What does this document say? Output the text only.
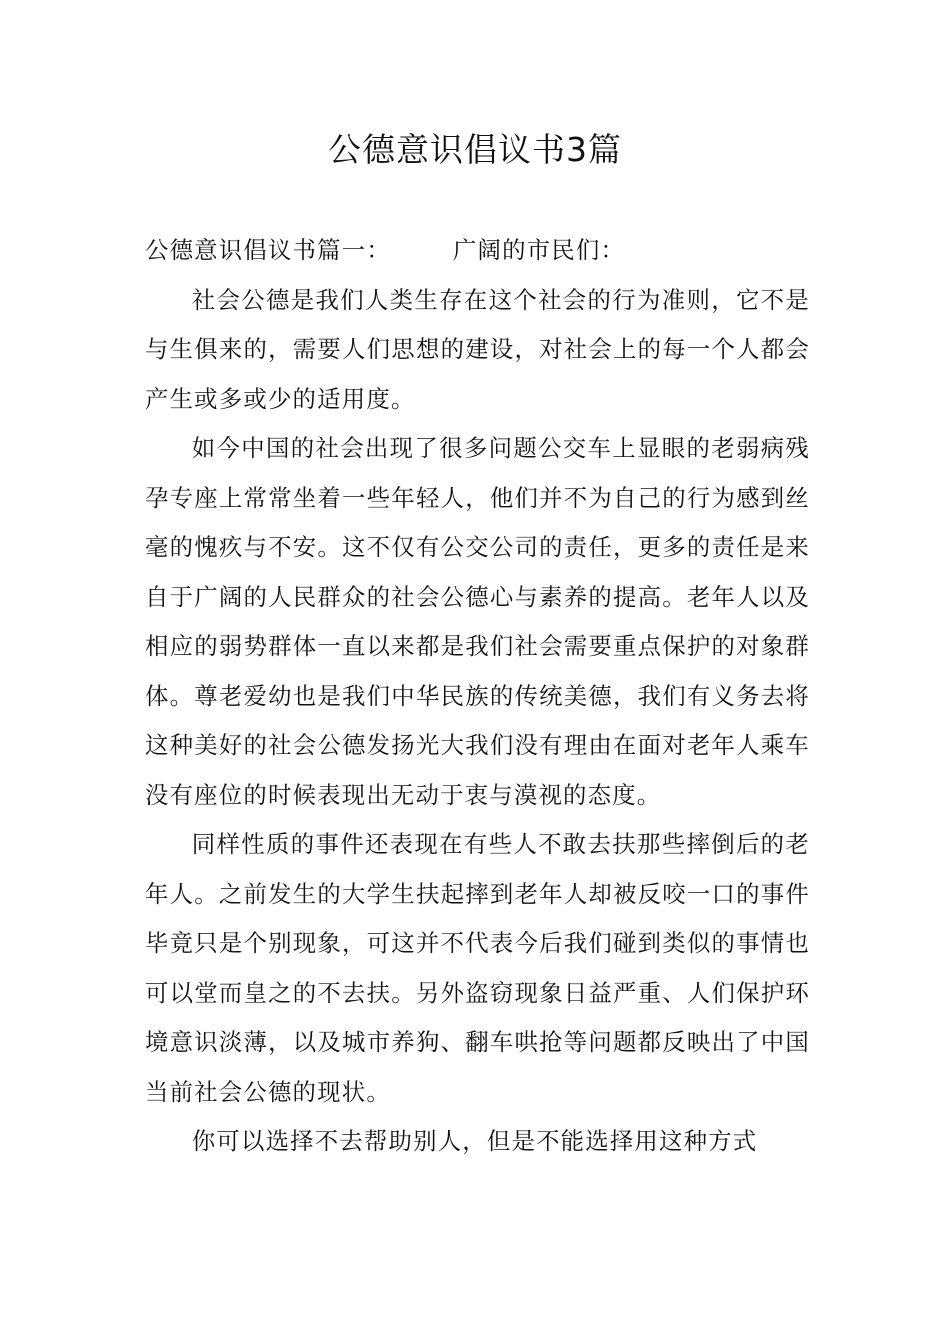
公德意识倡议书3篇

公德意识倡议书篇一：	广阔的市民们：

社会公德是我们人类生存在这个社会的行为准则，它不是与生俱来的，需要人们思想的建设，对社会上的每一个人都会产生或多或少的适用度。

如今中国的社会出现了很多问题公交车上显眼的老弱病残孕专座上常常坐着一些年轻人，他们并不为自己的行为感到丝毫的愧疚与不安。这不仅有公交公司的责任，更多的责任是来自于广阔的人民群众的社会公德心与素养的提高。老年人以及相应的弱势群体一直以来都是我们社会需要重点保护的对象群体。尊老爱幼也是我们中华民族的传统美德，我们有义务去将这种美好的社会公德发扬光大我们没有理由在面对老年人乘车没有座位的时候表现出无动于衷与漠视的态度。

同样性质的事件还表现在有些人不敢去扶那些摔倒后的老年人。之前发生的大学生扶起摔到老年人却被反咬一口的事件毕竟只是个别现象，可这并不代表今后我们碰到类似的事情也可以堂而皇之的不去扶。另外盗窃现象日益严重、人们保护环境意识淡薄，以及城市养狗、翻车哄抢等问题都反映出了中国当前社会公德的现状。

你可以选择不去帮助别人，但是不能选择用这种方式
